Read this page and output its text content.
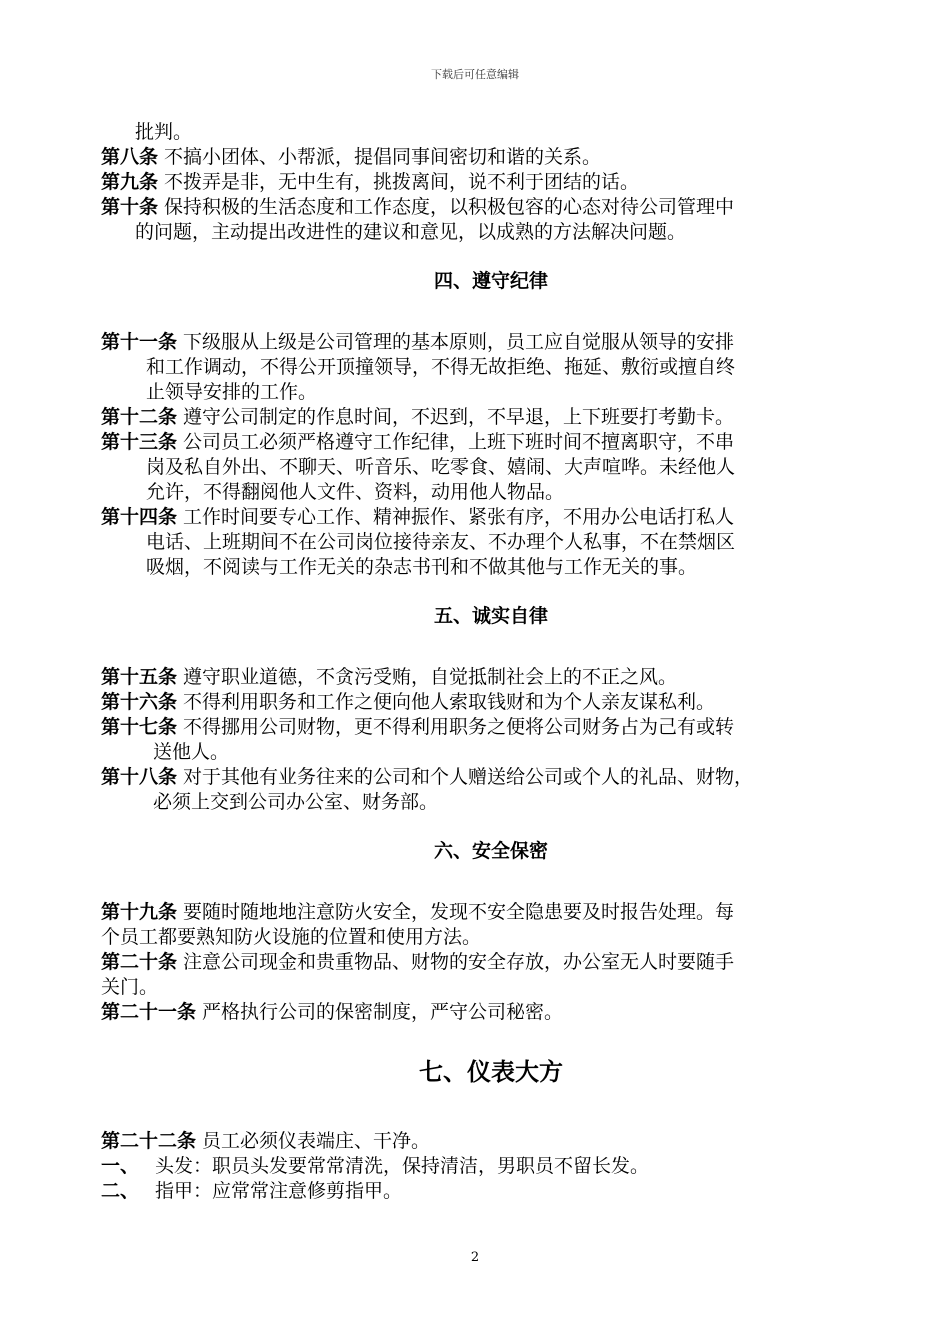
下载后可任意编辑

批判。

第八条 不搞小团体、小帮派，提倡同事间密切和谐的关系。
第九条 不拨弄是非，无中生有，挑拨离间，说不利于团结的话。
第十条 保持积极的生活态度和工作态度，以积极包容的心态对待公司管理中
的问题，主动提出改进性的建议和意见，以成熟的方法解决问题。
四、遵守纪律
第十一条 下级服从上级是公司管理的基本原则，员工应自觉服从领导的安排
和工作调动，不得公开顶撞领导，不得无故拒绝、拖延、敷衍或擅自终
止领导安排的工作。
第十二条 遵守公司制定的作息时间，不迟到，不早退，上下班要打考勤卡。
第十三条 公司员工必须严格遵守工作纪律，上班下班时间不擅离职守，不串
岗及私自外出、不聊天、听音乐、吃零食、嬉闹、大声喧哗。未经他人
允许，不得翻阅他人文件、资料，动用他人物品。
第十四条 工作时间要专心工作、精神振作、紧张有序，不用办公电话打私人
电话、上班期间不在公司岗位接待亲友、不办理个人私事，不在禁烟区
吸烟，不阅读与工作无关的杂志书刊和不做其他与工作无关的事。
五、诚实自律
第十五条 遵守职业道德，不贪污受贿，自觉抵制社会上的不正之风。
第十六条 不得利用职务和工作之便向他人索取钱财和为个人亲友谋私利。
第十七条 不得挪用公司财物，更不得利用职务之便将公司财务占为己有或转
送他人。
第十八条 对于其他有业务往来的公司和个人赠送给公司或个人的礼品、财物，
必须上交到公司办公室、财务部。
六、安全保密
第十九条 要随时随地地注意防火安全，发现不安全隐患要及时报告处理。每
个员工都要熟知防火设施的位置和使用方法。
第二十条 注意公司现金和贵重物品、财物的安全存放，办公室无人时要随手
关门。
第二十一条 严格执行公司的保密制度，严守公司秘密。
七、仪表大方
第二十二条 员工必须仪表端庄、干净。
一、 头发：职员头发要常常清洗，保持清洁，男职员不留长发。
二、 指甲：应常常注意修剪指甲。
2
